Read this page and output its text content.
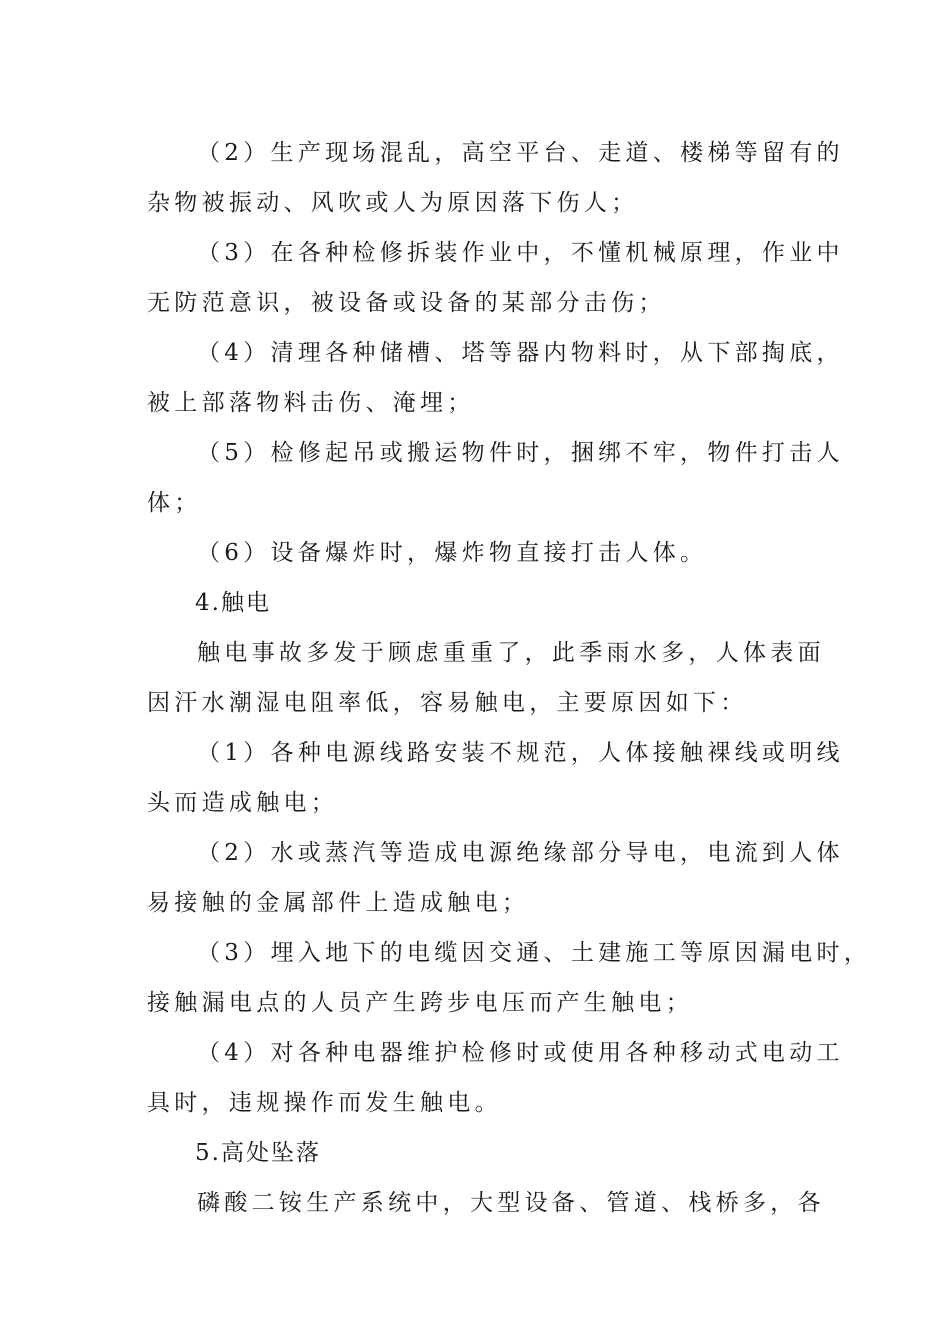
（2）生产现场混乱，高空平台、走道、楼梯等留有的
杂物被振动、风吹或人为原因落下伤人；
（3）在各种检修拆装作业中，不懂机械原理，作业中
无防范意识，被设备或设备的某部分击伤；
（4）清理各种储槽、塔等器内物料时，从下部掏底，
被上部落物料击伤、淹埋；
（5）检修起吊或搬运物件时，捆绑不牢，物件打击人
体；
（6）设备爆炸时，爆炸物直接打击人体。
4.触电
触电事故多发于顾虑重重了，此季雨水多，人体表面
因汗水潮湿电阻率低，容易触电，主要原因如下：
（1）各种电源线路安装不规范，人体接触裸线或明线
头而造成触电；
（2）水或蒸汽等造成电源绝缘部分导电，电流到人体
易接触的金属部件上造成触电；
（3）埋入地下的电缆因交通、土建施工等原因漏电时，
接触漏电点的人员产生跨步电压而产生触电；
（4）对各种电器维护检修时或使用各种移动式电动工
具时，违规操作而发生触电。
5.高处坠落
磷酸二铵生产系统中，大型设备、管道、栈桥多，各
